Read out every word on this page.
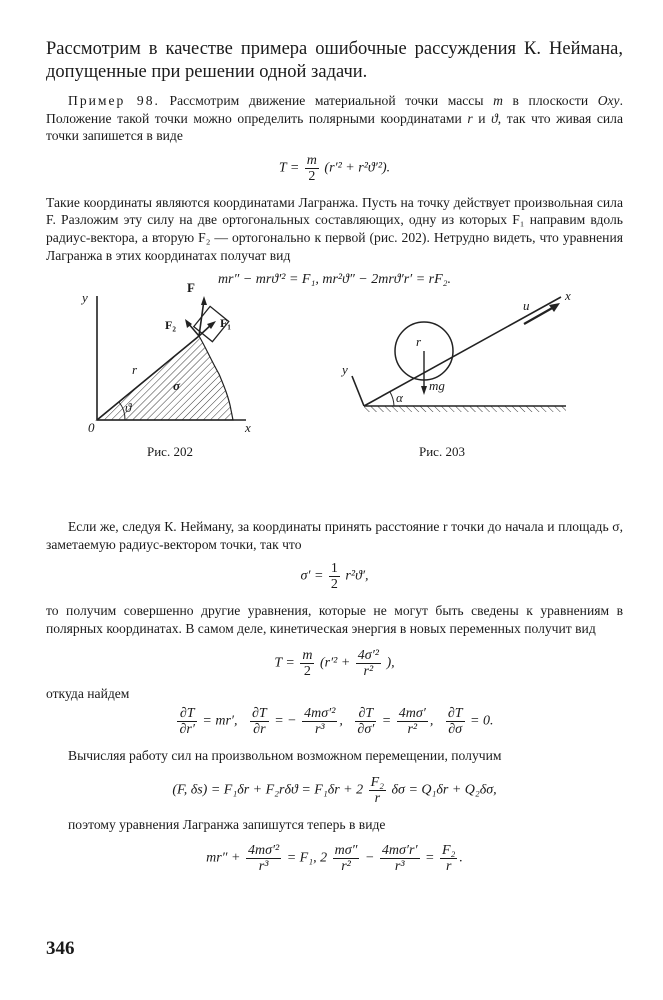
Рассмотрим в качестве примера ошибочные рассуждения К. Неймана, допущенные при решении одной задачи.

Пример 98. Рассмотрим движение материальной точки массы m в плоскости Oxy. Положение такой точки можно определить полярными координатами r и ϑ, так что живая сила точки запишется в виде

$T = \frac{m}{2} (r'^2 + r^2ϑ'^2)$.

Такие координаты являются координатами Лагранжа. Пусть на точку действует произвольная сила F. Разложим эту силу на две ортогональных составляющих, одну из которых F₁ направим вдоль радиус-вектора, а вторую F₂ — ортогонально к первой (рис. 202). Нетрудно видеть, что уравнения Лагранжа в этих координатах получат вид

mr″ − mrϑ′² = F₁, mr²ϑ″ − 2mrϑ′r′ = rF₂.
y
x
0
F
F₁
F₂
r
ϑ
σ
y
x
u
r
mg
α
Рис. 202	Рис. 203

Если же, следуя К. Нейману, за координаты принять расстояние r точки до начала и площадь σ, заметаемую радиус-вектором точки, так что

$\sigma' = \frac{1}{2} r^2ϑ'$,

то получим совершенно другие уравнения, которые не могут быть сведены к уравнениям в полярных координатах. В самом деле, кинетическая энергия в новых переменных получит вид

$T = \frac{m}{2} (r'^2 + \frac{\text{4σ′²}}{\text{r²}}$ ),

откуда найдем

$\frac{\partial T}{\partial r'} = mr'$, $\frac{\partial T}{\partial r}$ = − $\frac{\text{4mσ′²}}{\text{r³}}$ , $\frac{\partial T}{\partial\sigma'} = \frac{4m\sigma'}{\text{r²}}$ , $\frac{\partial T}{\partial\sigma} = 0$.

Вычисляя работу сил на произвольном возможном перемещении, получим

(F, $\delta s) = F_1\delta r + F_2r\delta ϑ = F_1\delta r + 2 \frac{\text{F₂}}{r}$ δσ = Q₁δr + Q₂δσ,

поэтому уравнения Лагранжа запишутся теперь в виде

$mr'' + \frac{\text{4mσ′²}}{\text{r³}} = F_1$, $2 \frac{m\sigma''}{\text{r²}} - \frac{4m\sigma'r'}{\text{r³}} = \frac{\text{F₂}}{r}$ .
346
